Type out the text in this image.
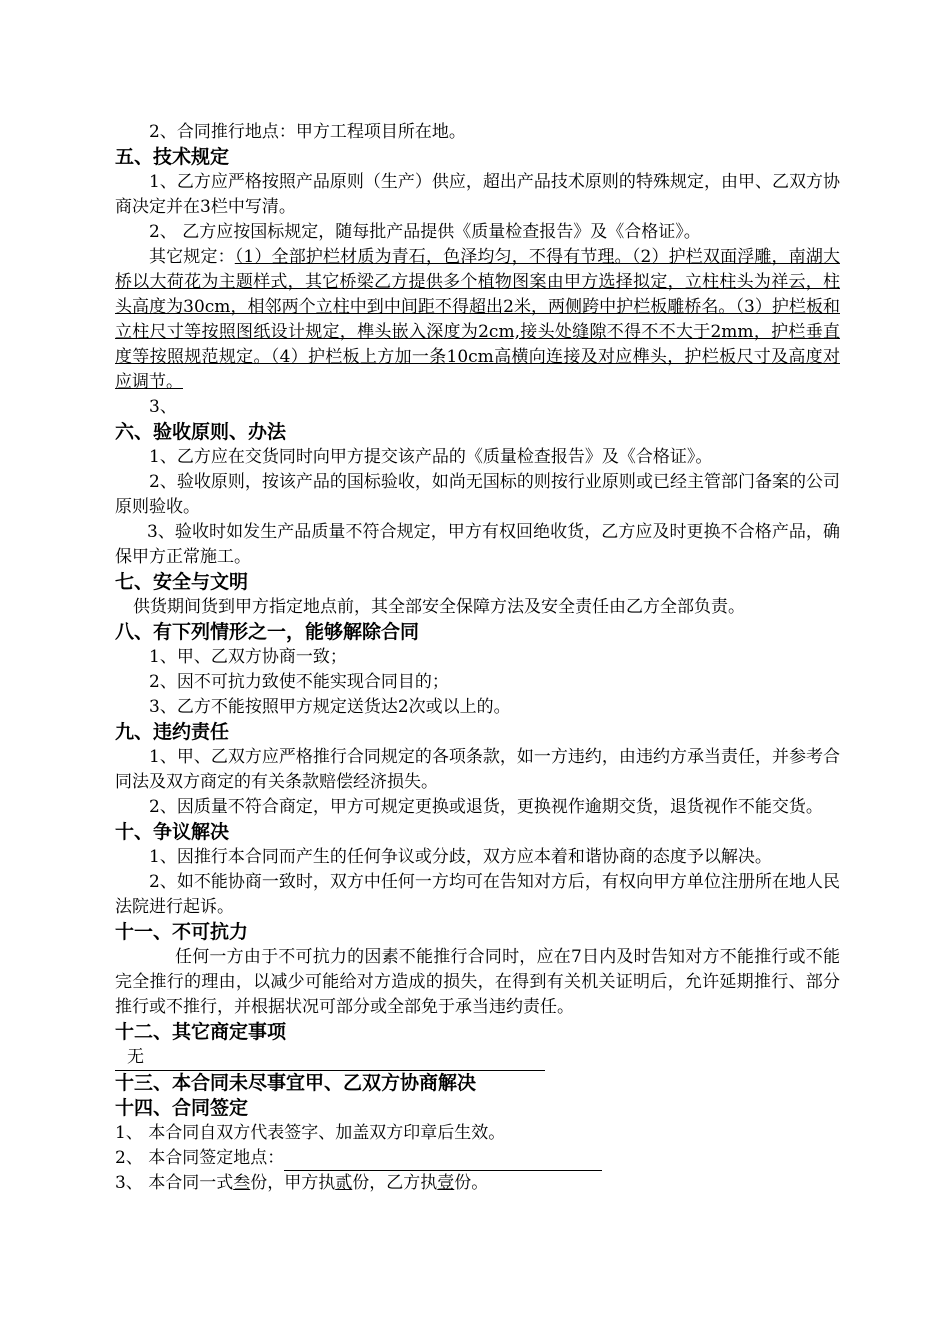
2、合同推行地点：甲方工程项目所在地。
五、技术规定
1、乙方应严格按照产品原则（生产）供应，超出产品技术原则的特殊规定，由甲、乙双方协商决定并在3栏中写清。
2、 乙方应按国标规定，随每批产品提供《质量检查报告》及《合格证》。
其它规定：（1）全部护栏材质为青石，色泽均匀，不得有节理。（2）护栏双面浮雕，南湖大桥以大荷花为主题样式，其它桥梁乙方提供多个植物图案由甲方选择拟定，立柱柱头为祥云，柱头高度为30cm，相邻两个立柱中到中间距不得超出2米，两侧跨中护栏板雕桥名。（3）护栏板和立柱尺寸等按照图纸设计规定，榫头嵌入深度为2cm,接头处缝隙不得不不大于2mm，护栏垂直度等按照规范规定。（4）护栏板上方加一条10cm高横向连接及对应榫头，护栏板尺寸及高度对应调节。
3、
六、验收原则、办法
1、乙方应在交货同时向甲方提交该产品的《质量检查报告》及《合格证》。
2、验收原则，按该产品的国标验收，如尚无国标的则按行业原则或已经主管部门备案的公司原则验收。
3、验收时如发生产品质量不符合规定，甲方有权回绝收货，乙方应及时更换不合格产品，确保甲方正常施工。
七、安全与文明
供货期间货到甲方指定地点前，其全部安全保障方法及安全责任由乙方全部负责。
八、有下列情形之一，能够解除合同
1、甲、乙双方协商一致；
2、因不可抗力致使不能实现合同目的；
3、乙方不能按照甲方规定送货达2次或以上的。
九、违约责任
1、甲、乙双方应严格推行合同规定的各项条款，如一方违约，由违约方承当责任，并参考合同法及双方商定的有关条款赔偿经济损失。
2、因质量不符合商定，甲方可规定更换或退货，更换视作逾期交货，退货视作不能交货。
十、争议解决
1、因推行本合同而产生的任何争议或分歧，双方应本着和谐协商的态度予以解决。
2、如不能协商一致时，双方中任何一方均可在告知对方后，有权向甲方单位注册所在地人民法院进行起诉。
十一、不可抗力
任何一方由于不可抗力的因素不能推行合同时，应在7日内及时告知对方不能推行或不能完全推行的理由，以减少可能给对方造成的损失，在得到有关机关证明后，允许延期推行、部分推行或不推行，并根据状况可部分或全部免于承当违约责任。
十二、其它商定事项
无
十三、本合同未尽事宜甲、乙双方协商解决
十四、合同签定
1、 本合同自双方代表签字、加盖双方印章后生效。
2、 本合同签定地点：
3、 本合同一式叁份，甲方执贰份，乙方执壹份。
